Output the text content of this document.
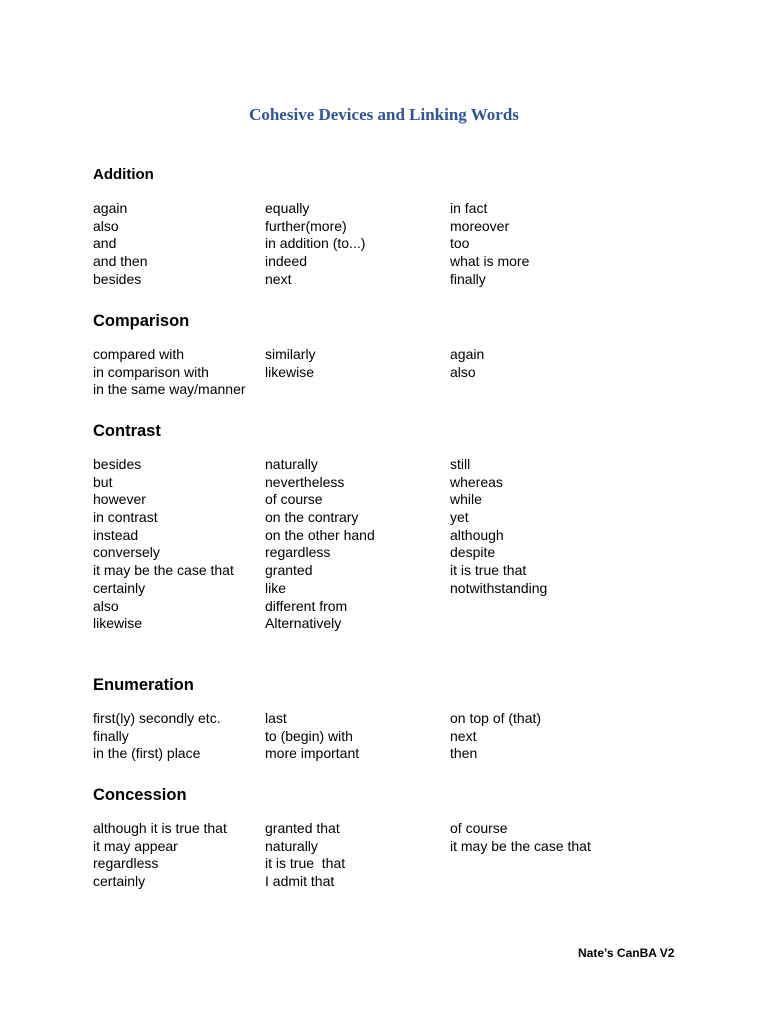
Cohesive Devices and Linking Words
Addition
again
also
and
and then
besides
equally
further(more)
in addition (to...)
indeed
next
in fact
moreover
too
what is more
finally
Comparison
compared with
in comparison with
in the same way/manner
similarly
likewise
again
also
Contrast
besides
but
however
in contrast
instead
conversely
it may be the case that
certainly
also
likewise
naturally
nevertheless
of course
on the contrary
on the other hand
regardless
granted
like
different from
Alternatively
still
whereas
while
yet
although
despite
it is true that
notwithstanding
Enumeration
first(ly) secondly etc.
finally
in the (first) place
last
to (begin) with
more important
on top of (that)
next
then
Concession
although it is true that
it may appear
regardless
certainly
granted that
naturally
it is true  that
I admit that
of course
it may be the case that
Nate’s CanBA V2
